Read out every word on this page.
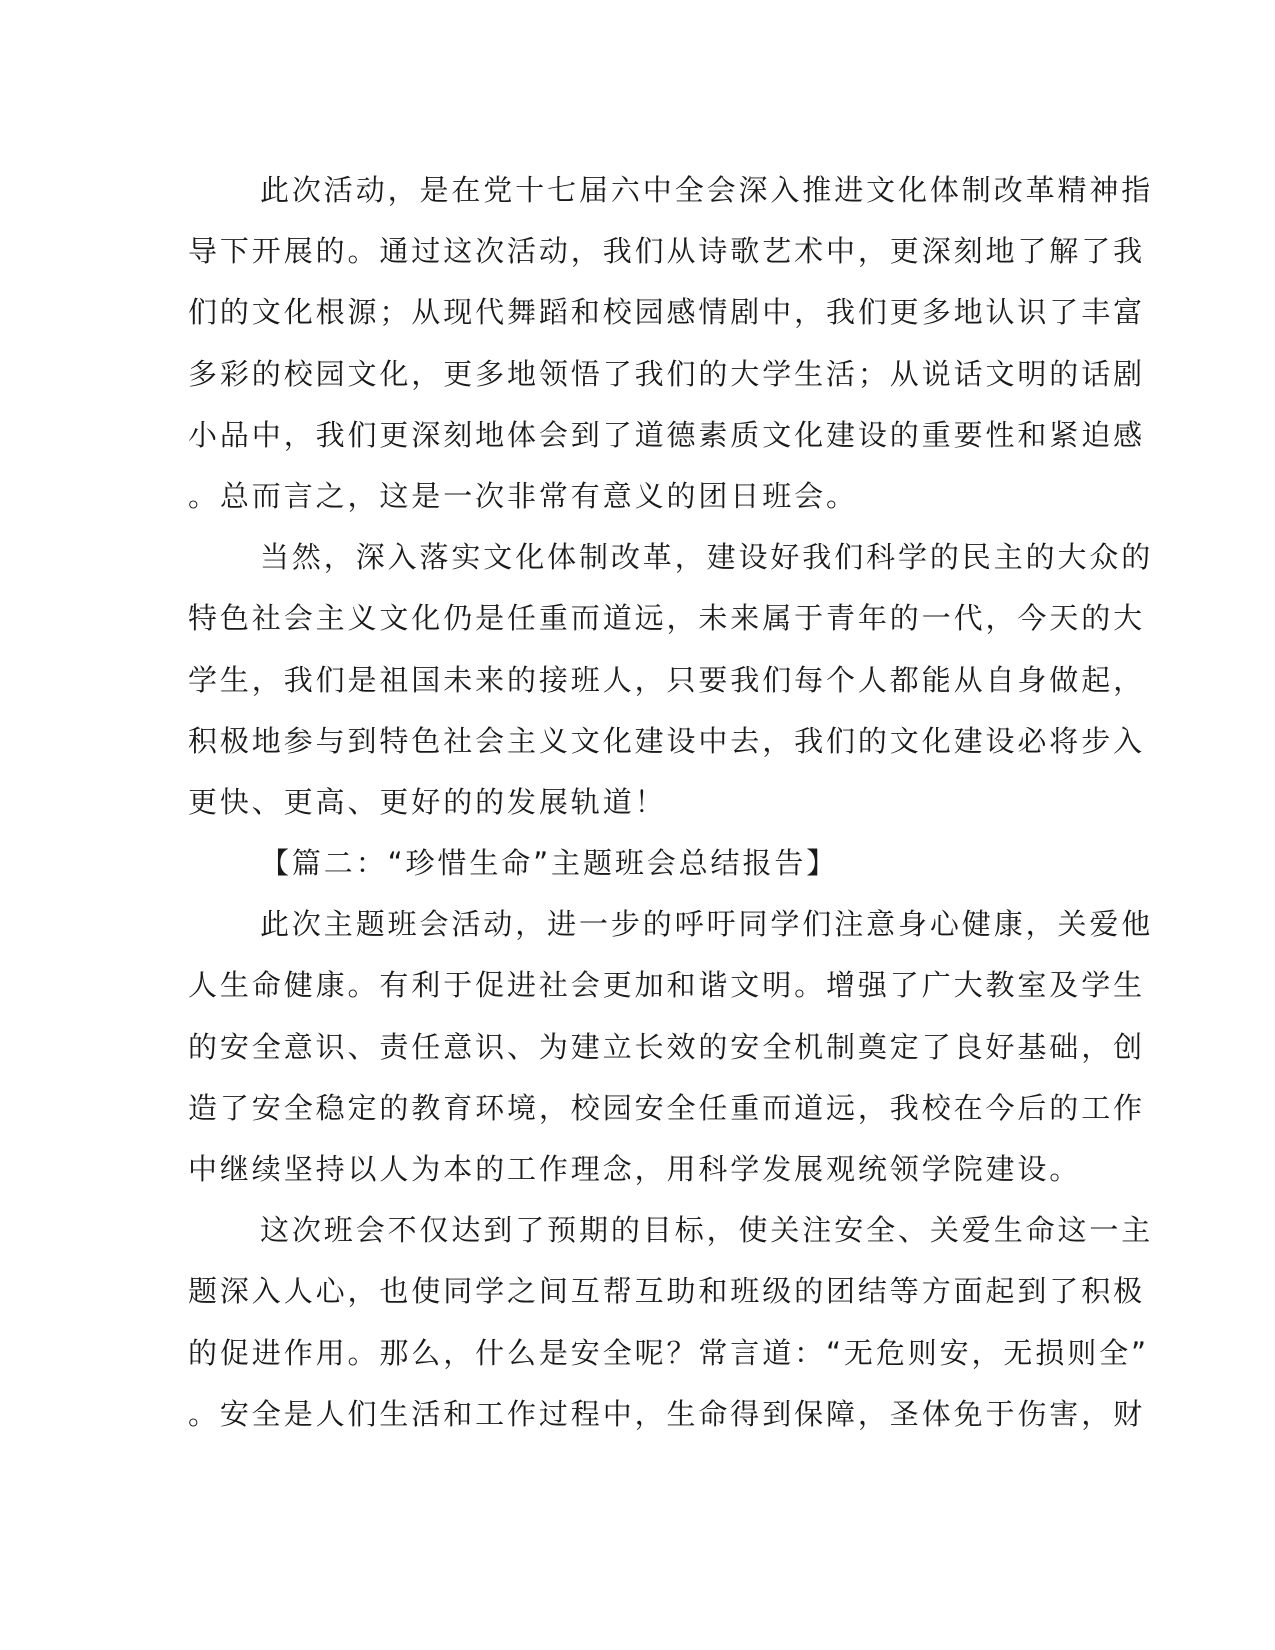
此次活动，是在党十七届六中全会深入推进文化体制改革精神指
导下开展的。通过这次活动，我们从诗歌艺术中，更深刻地了解了我
们的文化根源；从现代舞蹈和校园感情剧中，我们更多地认识了丰富
多彩的校园文化，更多地领悟了我们的大学生活；从说话文明的话剧
小品中，我们更深刻地体会到了道德素质文化建设的重要性和紧迫感
。总而言之，这是一次非常有意义的团日班会。
当然，深入落实文化体制改革，建设好我们科学的民主的大众的
特色社会主义文化仍是任重而道远，未来属于青年的一代，今天的大
学生，我们是祖国未来的接班人，只要我们每个人都能从自身做起，
积极地参与到特色社会主义文化建设中去，我们的文化建设必将步入
更快、更高、更好的的发展轨道！
【篇二：“珍惜生命”主题班会总结报告】
此次主题班会活动，进一步的呼吁同学们注意身心健康，关爱他
人生命健康。有利于促进社会更加和谐文明。增强了广大教室及学生
的安全意识、责任意识、为建立长效的安全机制奠定了良好基础，创
造了安全稳定的教育环境，校园安全任重而道远，我校在今后的工作
中继续坚持以人为本的工作理念，用科学发展观统领学院建设。
这次班会不仅达到了预期的目标，使关注安全、关爱生命这一主
题深入人心，也使同学之间互帮互助和班级的团结等方面起到了积极
的促进作用。那么，什么是安全呢？常言道：“无危则安，无损则全”
。安全是人们生活和工作过程中，生命得到保障，圣体免于伤害，财
